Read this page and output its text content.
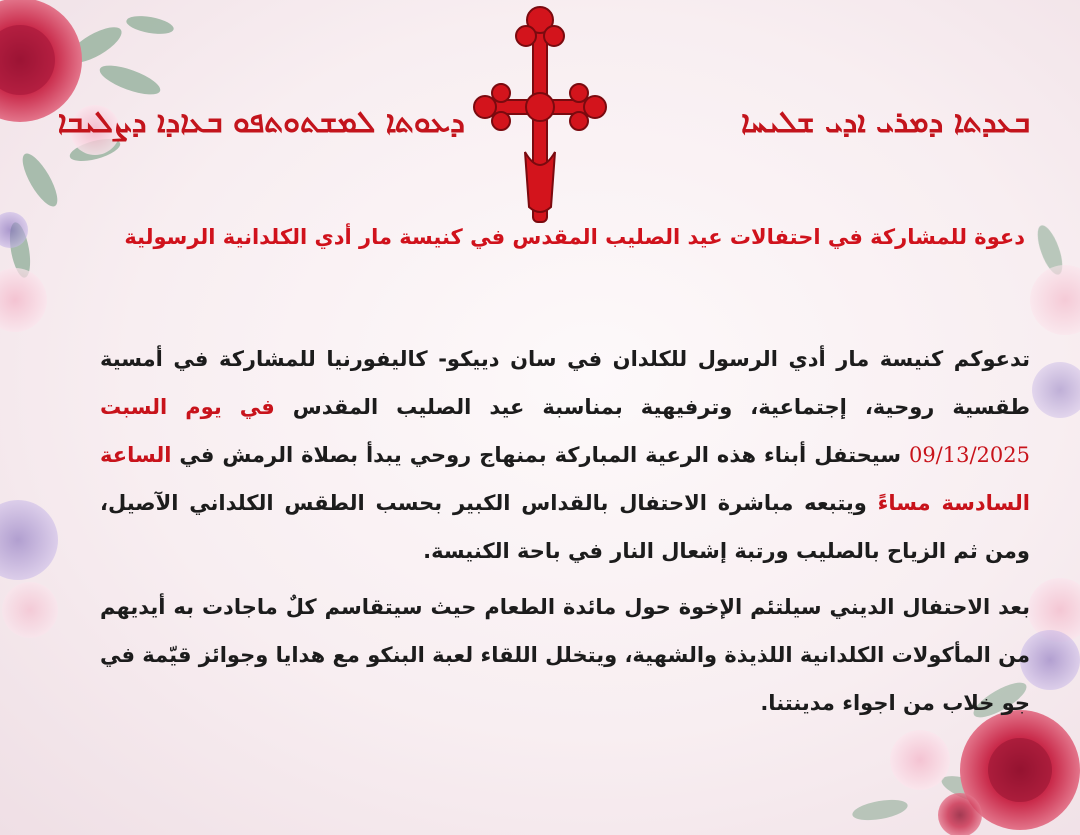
ܕܥܘܬܐ ܠܡܫܬܘܬܦܘ ܒܥܐܕܐ ܕܨܠܝܒܐ	ܒܥܕܬܐ ܕܡܪܝ ܐܕܝ ܫܠܝܚܐ
دعوة للمشاركة في احتفالات عيد الصليب المقدس في كنيسة مار أدي الكلدانية الرسولية

تدعوكم كنيسة مار أدي الرسول للكلدان في سان دييكو- كاليفورنيا للمشاركة في أمسية طقسية روحية، إجتماعية، وترفيهية بمناسبة عيد الصليب المقدس في يوم السبت 09/13/2025 سيحتفل أبناء هذه الرعية المباركة بمنهاج روحي يبدأ بصلاة الرمش في الساعة السادسة مساءً ويتبعه مباشرة الاحتفال بالقداس الكبير بحسب الطقس الكلداني الآصيل، ومن ثم الزياح بالصليب ورتبة إشعال النار في باحة الكنيسة.

بعد الاحتفال الديني سيلتئم الإخوة حول مائدة الطعام حيث سيتقاسم كلٌ ماجادت به أيديهم من المأكولات الكلدانية اللذيذة والشهية، ويتخلل اللقاء لعبة البنكو مع هدايا وجوائز قيّمة في جو خلاب من اجواء مدينتنا.
